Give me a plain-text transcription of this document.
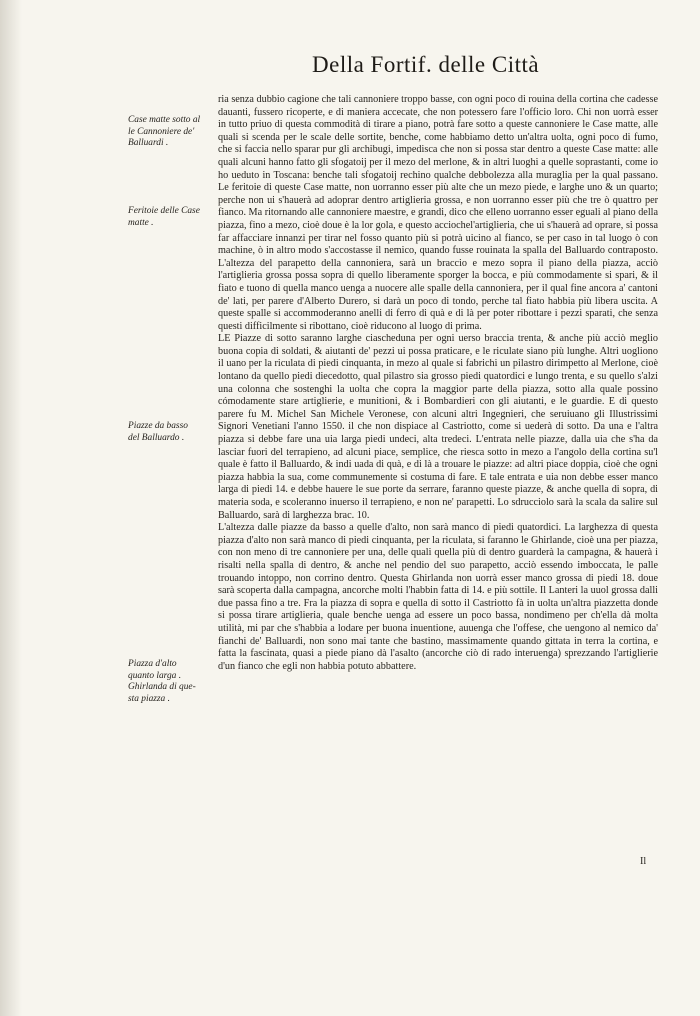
Della Fortif. delle Città
Case matte sotto al
le Cannoniere de'
Balluardi .
Feritoie delle Case
matte .
Piazze da basso
del Balluardo .
Piazza d'alto
quanto larga .
Ghirlanda di que-
sta piazza .

ria senza dubbio cagione che tali cannoniere troppo basse, con ogni poco di rouina della cortina che cadesse dauanti, fussero ricoperte, e di maniera accecate, che non potessero fare l'officio loro. Chi non uorrà esser in tutto priuo di questa commodità di tirare a piano, potrà fare sotto a queste cannoniere le Case matte, alle quali si scenda per le scale delle sortite, benche, come habbiamo detto un'altra uolta, ogni poco di fumo, che si faccia nello sparar pur gli archibugi, impedisca che non si possa star dentro a queste Case matte: alle quali alcuni hanno fatto gli sfogatoij per il mezo del merlone, & in altri luoghi a quelle soprastanti, come io ho ueduto in Toscana: benche tali sfogatoij rechino qualche debbolezza alla muraglia per la qual passano. Le feritoie di queste Case matte, non uorranno esser più alte che un mezo piede, e larghe uno & un quarto; perche non ui s'hauerà ad adoprar dentro artiglieria grossa, e non uorranno esser più che tre ò quattro per fianco. Ma ritornando alle cannoniere maestre, e grandi, dico che elleno uorranno esser eguali al piano della piazza, fino a mezo, cioè doue è la lor gola, e questo acciochel'artiglieria, che ui s'hauerà ad oprare, si possa far affacciare innanzi per tirar nel fosso quanto più si potrà uicino al fianco, se per caso in tal luogo ò con machine, ò in altro modo s'accostasse il nemico, quando fusse rouinata la spalla del Balluardo contrapostо. L'altezza del parapetto della cannoniera, sarà un braccio e mezo sopra il piano della piazza, acciò l'artiglieria grossa possa sopra di quello liberamente sporger la bocca, e più commodamente si spari, & il fiato e tuono di quella manco uenga a nuocere alle spalle della cannoniera, per il qual fine ancora a' cantoni de' lati, per parere d'Alberto Durero, si darà un poco di tondo, perche tal fiato habbia più libera uscita. A queste spalle si accommoderanno anelli di ferro di quà e di là per poter ribottare i pezzi sparati, che senza questi difficilmente si ribottano, cioè riducono al luogo di prima.

LE Piazze di sotto saranno larghe ciascheduna per ogni uerso braccia trenta, & anche più acciò meglio buona copia di soldati, & aiutanti de' pezzi ui possa praticare, e le riculate siano più lunghe. Altri uogliono il uano per la riculata di piedi cinquanta, in mezo al quale si fabrichi un pilastro dirimpetto al Merlone, cioè lontano da quello piedi diecedotto, qual pilastro sia grosso piedi quatordici e lungo trenta, e su quello s'alzi una colonna che sostenghi la uolta che copra la maggior parte della piazza, sotto alla quale possino cómodamente stare artiglierie, e munitioni, & i Bombardieri con gli aiutanti, e le guardie. E di questo parere fu M. Michel San Michele Veronese, con alcuni altri Ingegnieri, che seruiuano gli Illustrissimi Signori Venetiani l'anno 1550. il che non dispiace al Castriotto, come si uederà di sotto. Da una e l'altra piazza si debbe fare una uia larga piedi undeci, alta tredeci. L'entrata nelle piazze, dalla uia che s'ha da lasciar fuori del terrapieno, ad alcuni piace, semplice, che riesca sotto in mezo a l'angolo della cortina su'l quale è fatto il Balluardo, & indi uada di quà, e di là a trouare le piazze: ad altri piace doppia, cioè che ogni piazza habbia la sua, come communemente si costuma di fare. E tale entrata e uia non debbe esser manco larga di piedi 14. e debbe hauere le sue porte da serrare, faranno queste piazze, & anche quella di sopra, di materia soda, e scoleranno inuerso il terrapieno, e non ne' parapetti. Lo sdrucciolo sarà la scala da salire sul Balluardo, sarà di larghezza brac. 10.

L'altezza dalle piazze da basso a quelle d'alto, non sarà manco di piedi quatordici. La larghezza di questa piazza d'alto non sarà manco di piedi cinquanta, per la riculata, si faranno le Ghirlande, cioè una per piazza, con non meno di tre cannoniere per una, delle quali quella più di dentro guarderà la campagna, & hauerà i risalti nella spalla di dentro, & anche nel pendio del suo parapetto, acciò essendo imboccata, le palle trouando intoppo, non corrino dentro. Questa Ghirlanda non uorrà esser manco grossa di piedi 18. doue sarà scoperta dalla campagna, ancorche molti l'habbin fatta di 14. e più sottile. Il Lanteri la uuol grossa dalli due passa fino a tre. Fra la piazza di sopra e quella di sotto il Castriotto fà in uolta un'altra piazzetta donde si possa tirare artiglieria, quale benche uenga ad essere un poco bassa, nondimeno per ch'ella dà molta utilità, mi par che s'habbia a lodare per buona inuentione, auuenga che l'offese, che uengono al nemico da' fianchi de' Balluardi, non sono mai tante che bastino, massimamente quando gittata in terra la cortina, e fatta la fascinata, quasi a piede piano dà l'asalto (ancorche ciò di rado interuenga) sprezzando l'artiglierie d'un fianco che egli non habbia potuto abbattere.

Il
